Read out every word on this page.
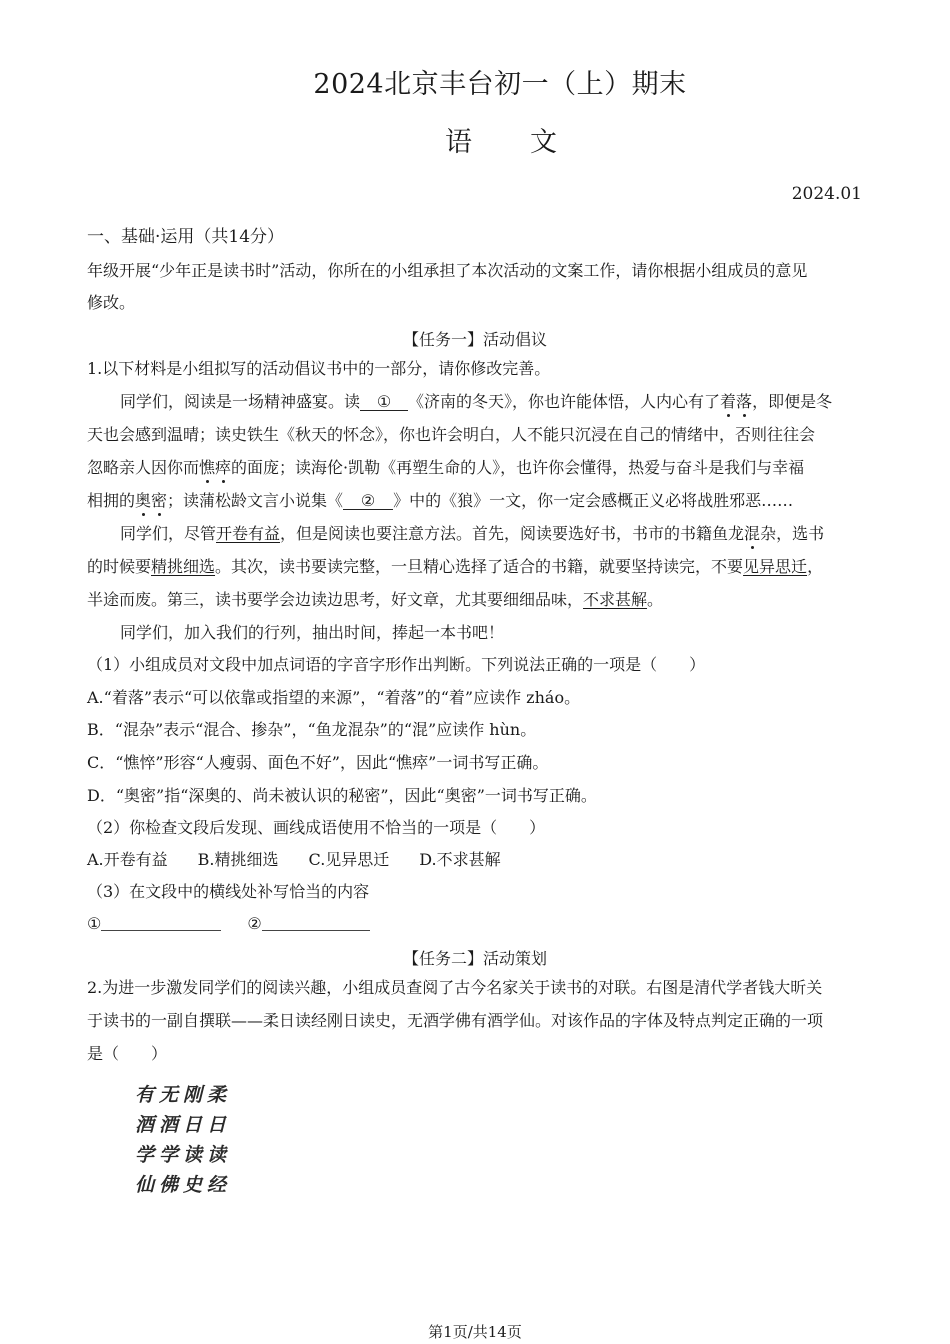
2024北京丰台初一（上）期末
语 文
2024.01
一、基础·运用（共14分）
年级开展“少年正是读书时”活动，你所在的小组承担了本次活动的文案工作，请你根据小组成员的意见
修改。
【任务一】活动倡议
1.以下材料是小组拟写的活动倡议书中的一部分，请你修改完善。
同学们，阅读是一场精神盛宴。读 ① 《济南的冬天》，你也许能体悟，人内心有了着落，即便是冬
天也会感到温晴；读史铁生《秋天的怀念》，你也许会明白，人不能只沉浸在自己的情绪中，否则往往会
忽略亲人因你而憔瘁的面庞；读海伦·凯勒《再塑生命的人》，也许你会懂得，热爱与奋斗是我们与幸福
相拥的奥密；读蒲松龄文言小说集《 ② 》中的《狼》一文，你一定会感概正义必将战胜邪恶……
同学们，尽管开卷有益，但是阅读也要注意方法。首先，阅读要选好书，书市的书籍鱼龙混杂，选书
的时候要精挑细选。其次，读书要读完整，一旦精心选择了适合的书籍，就要坚持读完，不要见异思迁，
半途而废。第三，读书要学会边读边思考，好文章，尤其要细细品味，不求甚解。
同学们，加入我们的行列，抽出时间，捧起一本书吧！
（1）小组成员对文段中加点词语的字音字形作出判断。下列说法正确的一项是（　　）
A.“着落”表示“可以依靠或指望的来源”，“着落”的“着”应读作 zháo。
B．“混杂”表示“混合、掺杂”，“鱼龙混杂”的“混”应读作 hùn。
C．“憔悴”形容“人瘦弱、面色不好”，因此“憔瘁”一词书写正确。
D．“奥密”指“深奥的、尚未被认识的秘密”，因此“奥密”一词书写正确。
（2）你检查文段后发现、画线成语使用不恰当的一项是（　　）
A.开卷有益 B.精挑细选 C.见异思迁 D.不求甚解
（3）在文段中的横线处补写恰当的内容
①	②
【任务二】活动策划
2.为进一步激发同学们的阅读兴趣，小组成员查阅了古今名家关于读书的对联。右图是清代学者钱大昕关
于读书的一副自撰联——柔日读经刚日读史，无酒学佛有酒学仙。对该作品的字体及特点判定正确的一项
是（　　）
有 无 刚 柔
酒 酒 日 日
学 学 读 读
仙 佛 史 经
第1页/共14页
